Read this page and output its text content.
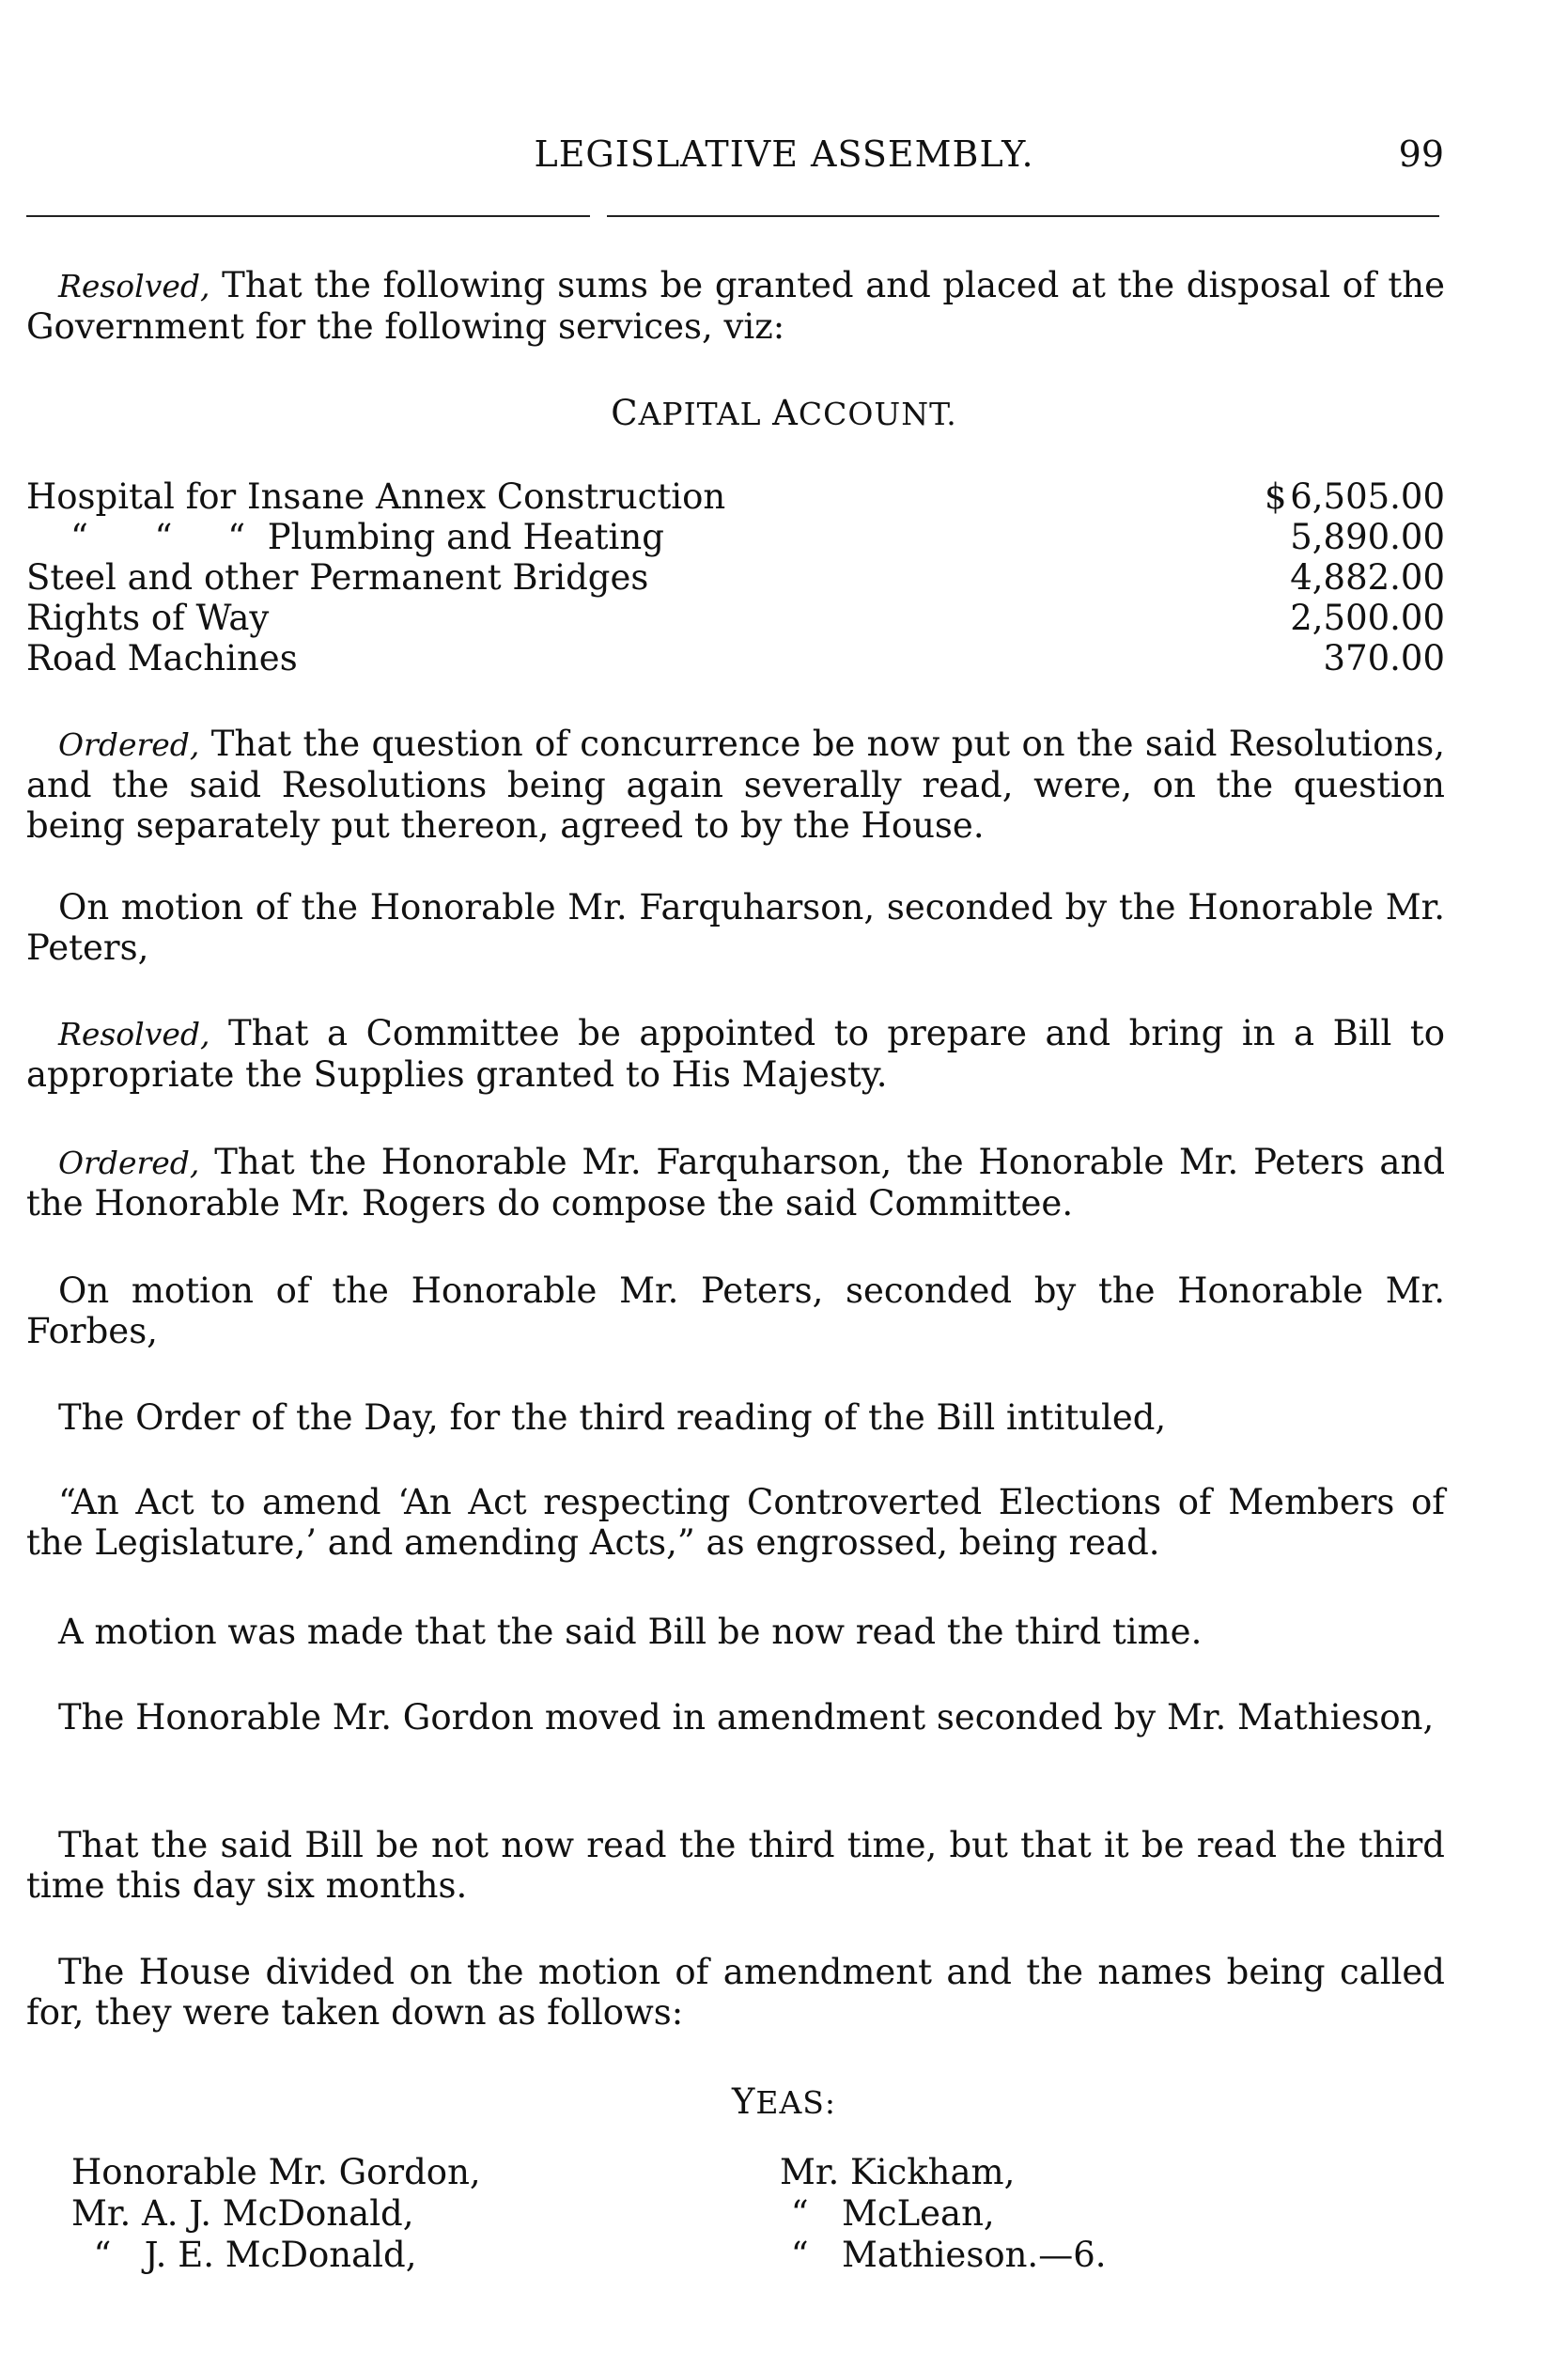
LEGISLATIVE ASSEMBLY.	99
Resolved, That the following sums be granted and placed at the disposal of the Government for the following services, viz:
CAPITAL ACCOUNT.
Hospital for Insane Annex Construction	$ 6,505.00
“      “     “  Plumbing and Heating	5,890.00
Steel and other Permanent Bridges	4,882.00
Rights of Way	2,500.00
Road Machines	370.00
Ordered, That the question of concurrence be now put on the said Resolutions, and the said Resolutions being again severally read, were, on the question being separately put thereon, agreed to by the House.
On motion of the Honorable Mr. Farquharson, seconded by the Honorable Mr. Peters,
Resolved, That a Committee be appointed to prepare and bring in a Bill to appropriate the Supplies granted to His Majesty.
Ordered, That the Honorable Mr. Farquharson, the Honorable Mr. Peters and the Honorable Mr. Rogers do compose the said Committee.
On motion of the Honorable Mr. Peters, seconded by the Honorable Mr. Forbes,
The Order of the Day, for the third reading of the Bill intituled,
“An Act to amend ‘An Act respecting Controverted Elections of Members of the Legislature,’ and amending Acts,” as engrossed, being read.
A motion was made that the said Bill be now read the third time.
The Honorable Mr. Gordon moved in amendment seconded by Mr. Mathieson,
That the said Bill be not now read the third time, but that it be read the third time this day six months.
The House divided on the motion of amendment and the names being called for, they were taken down as follows:
YEAS:
Honorable Mr. Gordon,
Mr. A. J. McDonald,
“   J. E. McDonald,
Mr. Kickham,
“   McLean,
“   Mathieson.—6.
